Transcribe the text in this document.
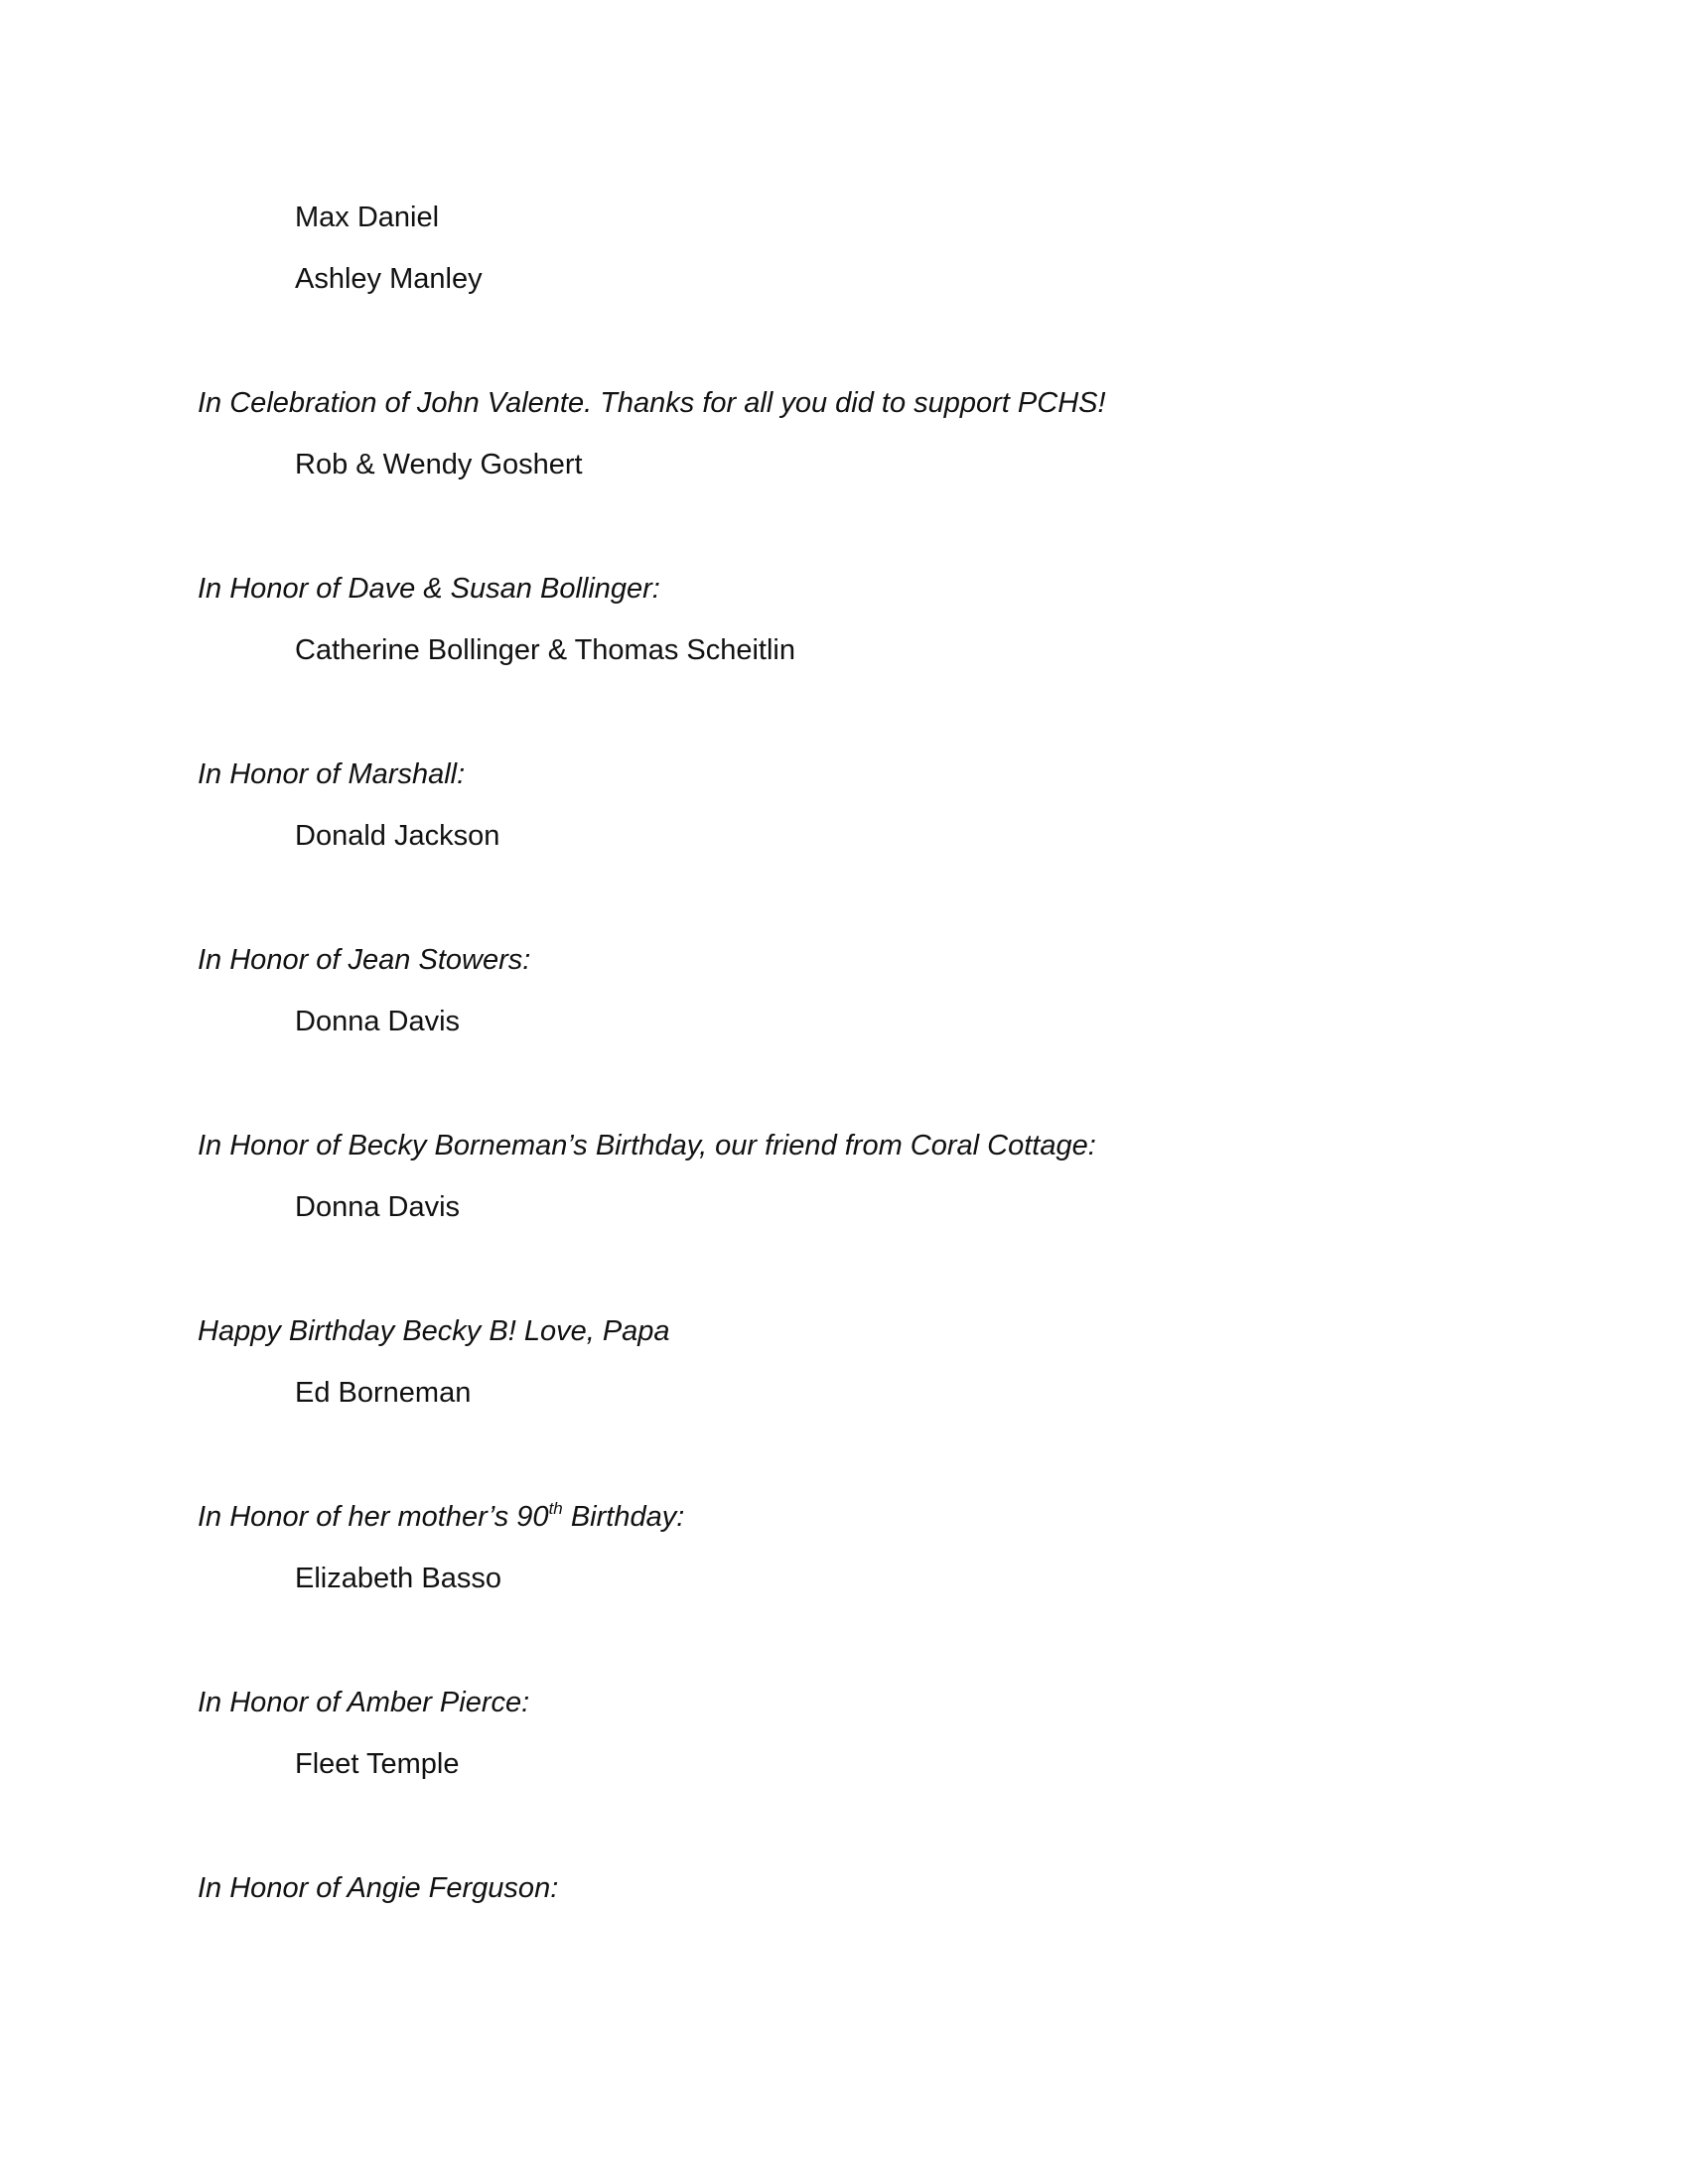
Max Daniel
Ashley Manley
In Celebration of John Valente. Thanks for all you did to support PCHS!
Rob & Wendy Goshert
In Honor of Dave & Susan Bollinger:
Catherine Bollinger & Thomas Scheitlin
In Honor of Marshall:
Donald Jackson
In Honor of Jean Stowers:
Donna Davis
In Honor of Becky Borneman’s Birthday, our friend from Coral Cottage:
Donna Davis
Happy Birthday Becky B! Love, Papa
Ed Borneman
In Honor of her mother’s 90th Birthday:
Elizabeth Basso
In Honor of Amber Pierce:
Fleet Temple
In Honor of Angie Ferguson:
